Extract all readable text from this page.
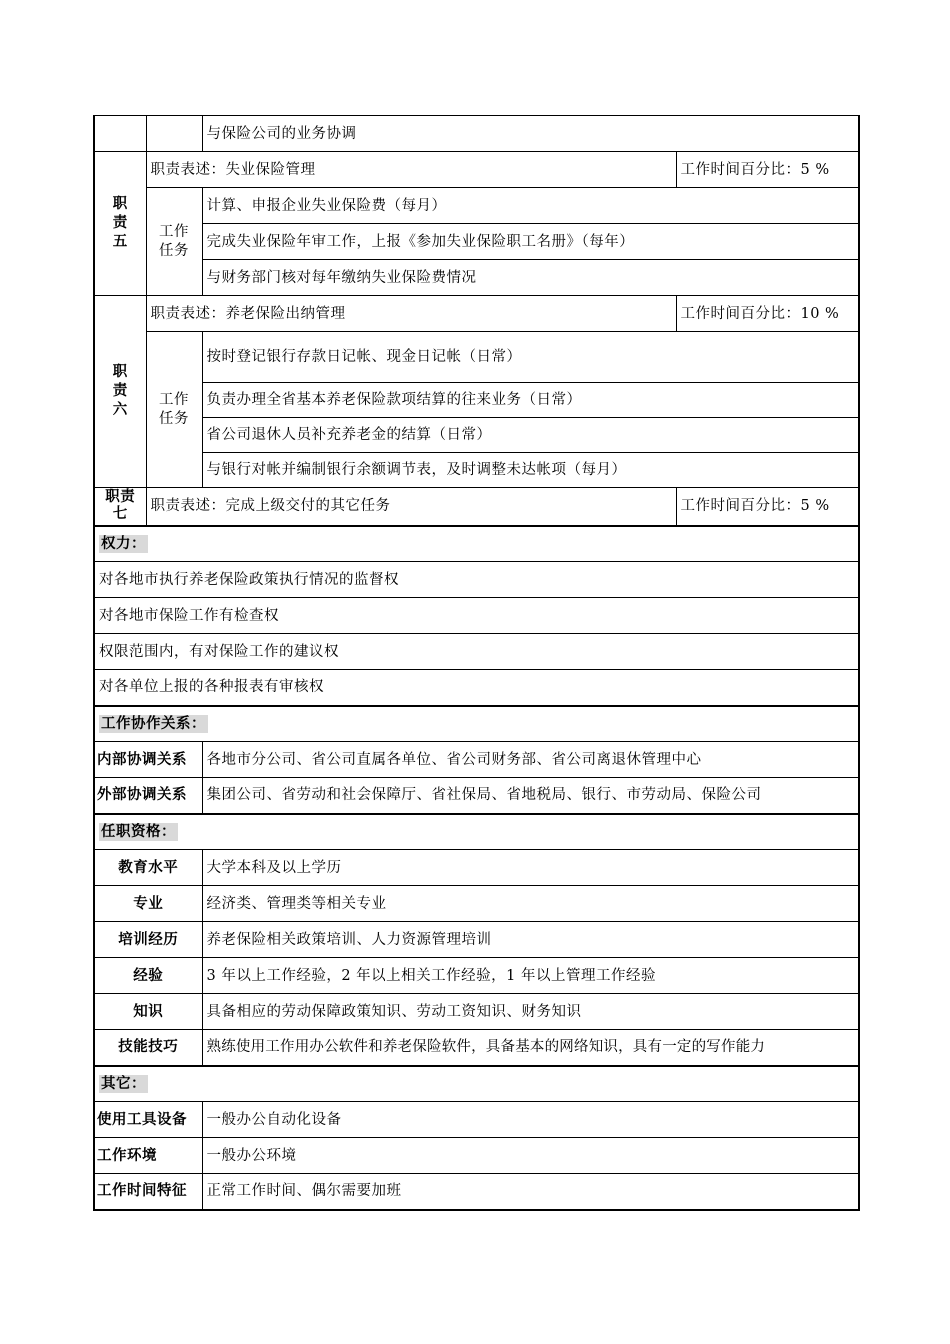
		与保险公司的业务协调	

职
责
五	职责表述：失业保险管理		工作时间百分比：5 %

	工作
任务	计算、申报企业失业保险费（每月）	
		完成失业保险年审工作，上报《参加失业保险职工名册》（每年）	
		与财务部门核对每年缴纳失业保险费情况	

职
责
六	职责表述：养老保险出纳管理		工作时间百分比：10 %

	工作
任务	按时登记银行存款日记帐、现金日记帐（日常）	
		负责办理全省基本养老保险款项结算的往来业务（日常）	
		省公司退休人员补充养老金的结算（日常）	
		与银行对帐并编制银行余额调节表，及时调整未达帐项（每月）	

职责
七	职责表述：完成上级交付的其它任务		工作时间百分比：5 %
权力：			
对各地市执行养老保险政策执行情况的监督权			
对各地市保险工作有检查权			
权限范围内，有对保险工作的建议权			
对各单位上报的各种报表有审核权			
工作协作关系：			
内部协调关系		各地市分公司、省公司直属各单位、省公司财务部、省公司离退休管理中心	
外部协调关系		集团公司、省劳动和社会保障厅、省社保局、省地税局、银行、市劳动局、保险公司	
任职资格：			
教育水平		大学本科及以上学历	
专业		经济类、管理类等相关专业	
培训经历		养老保险相关政策培训、人力资源管理培训	
经验		3 年以上工作经验，2 年以上相关工作经验，1 年以上管理工作经验	
知识		具备相应的劳动保障政策知识、劳动工资知识、财务知识	
技能技巧		熟练使用工作用办公软件和养老保险软件，具备基本的网络知识，具有一定的写作能力	
其它：			
使用工具设备		一般办公自动化设备	
工作环境		一般办公环境	
工作时间特征		正常工作时间、偶尔需要加班	
